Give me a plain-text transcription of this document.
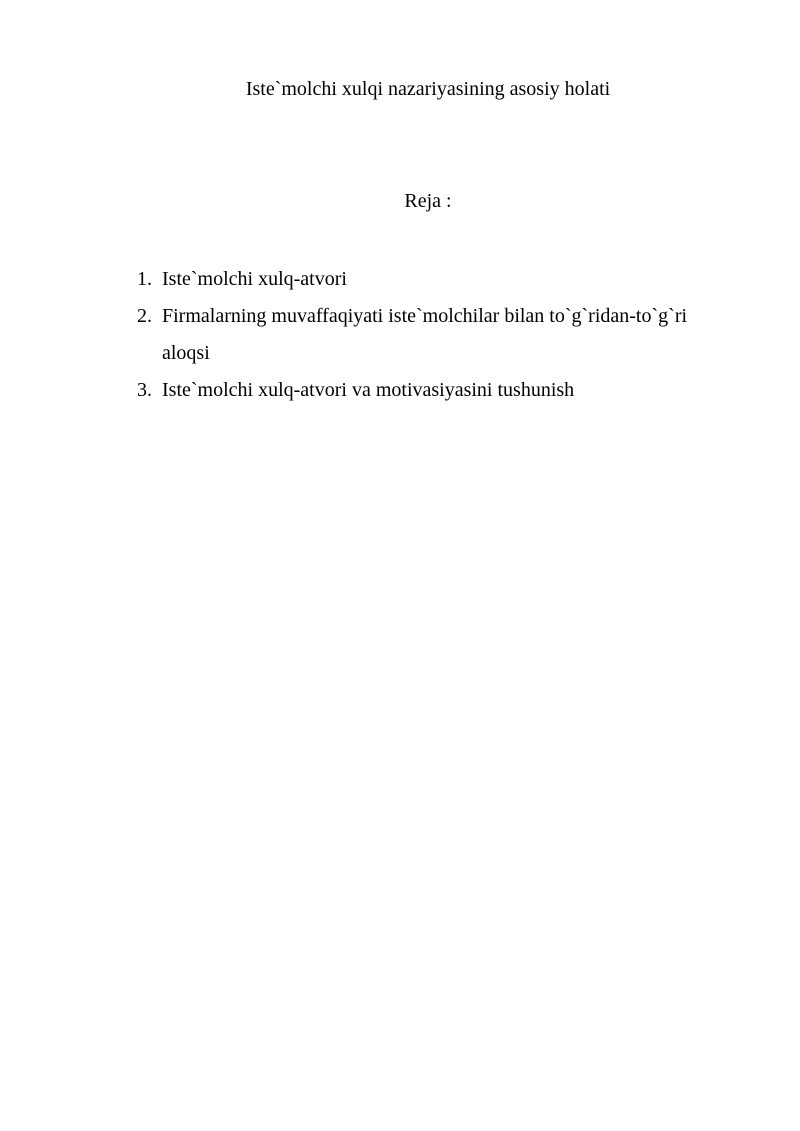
Iste`molchi xulqi nazariyasining asosiy holati
Reja :
1. Iste`molchi xulq-atvori
2. Firmalarning muvaffaqiyati iste`molchilar bilan to`g`ridan-to`g`ri aloqsi
3. Iste`molchi xulq-atvori va motivasiyasini tushunish
